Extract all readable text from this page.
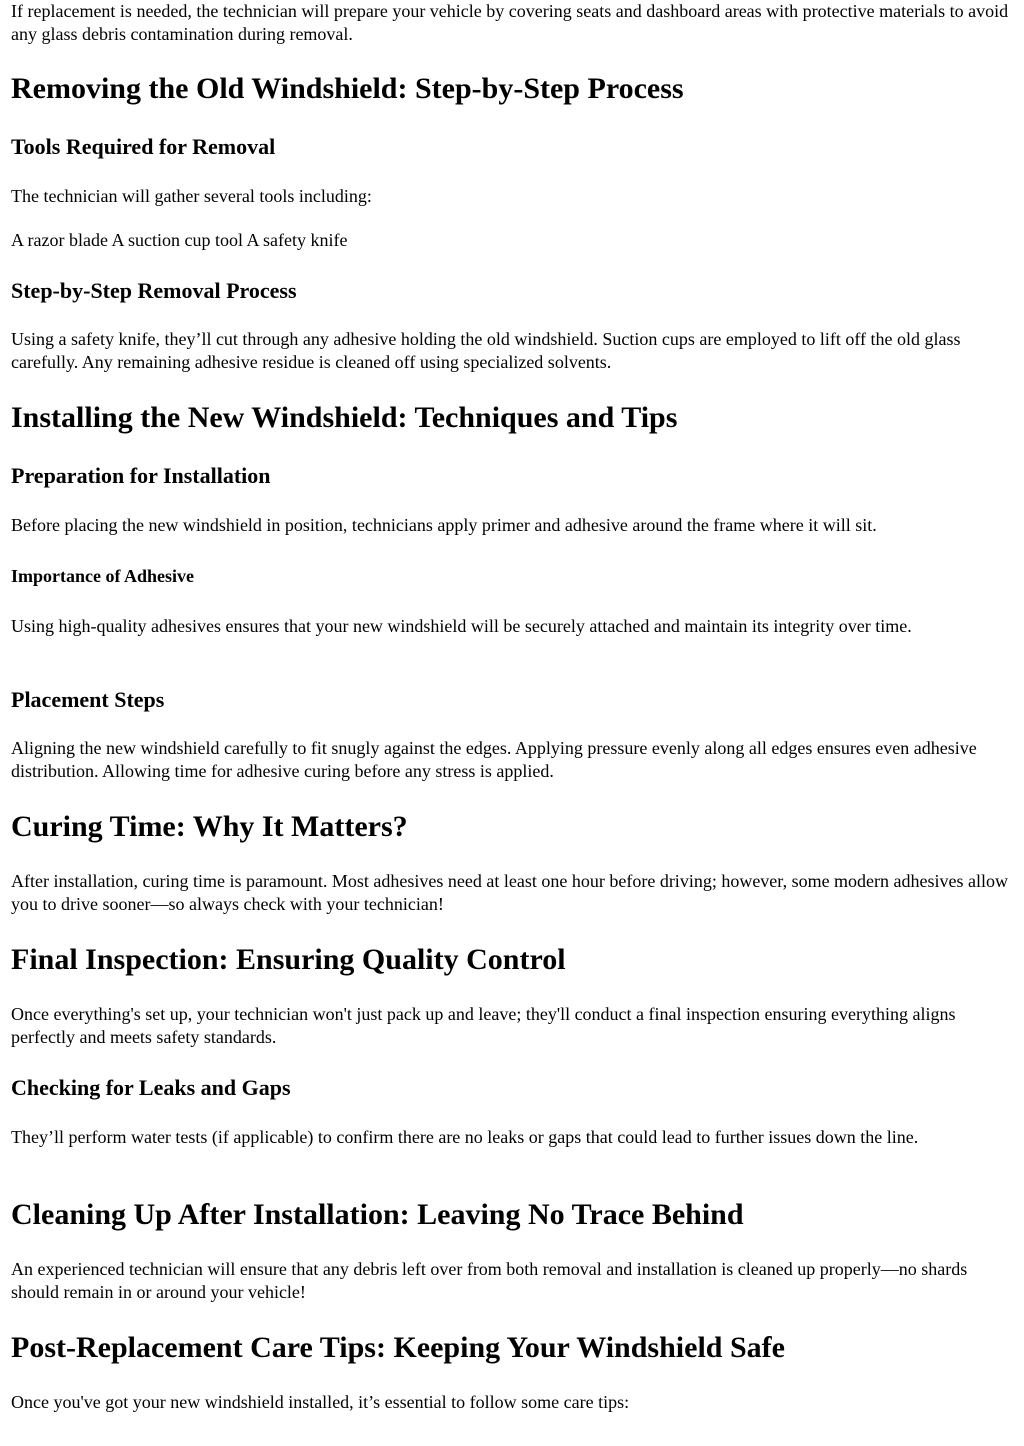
If replacement is needed, the technician will prepare your vehicle by covering seats and dashboard areas with protective materials to avoid any glass debris contamination during removal.

Removing the Old Windshield: Step-by-Step Process
Tools Required for Removal

The technician will gather several tools including:

A razor blade A suction cup tool A safety knife

Step-by-Step Removal Process

Using a safety knife, they’ll cut through any adhesive holding the old windshield. Suction cups are employed to lift off the old glass carefully. Any remaining adhesive residue is cleaned off using specialized solvents.

Installing the New Windshield: Techniques and Tips
Preparation for Installation

Before placing the new windshield in position, technicians apply primer and adhesive around the frame where it will sit.

Importance of Adhesive

Using high-quality adhesives ensures that your new windshield will be securely attached and maintain its integrity over time.

Placement Steps

Aligning the new windshield carefully to fit snugly against the edges. Applying pressure evenly along all edges ensures even adhesive distribution. Allowing time for adhesive curing before any stress is applied.

Curing Time: Why It Matters?

After installation, curing time is paramount. Most adhesives need at least one hour before driving; however, some modern adhesives allow you to drive sooner—so always check with your technician!

Final Inspection: Ensuring Quality Control

Once everything's set up, your technician won't just pack up and leave; they'll conduct a final inspection ensuring everything aligns perfectly and meets safety standards.

Checking for Leaks and Gaps

They’ll perform water tests (if applicable) to confirm there are no leaks or gaps that could lead to further issues down the line.

Cleaning Up After Installation: Leaving No Trace Behind

An experienced technician will ensure that any debris left over from both removal and installation is cleaned up properly—no shards should remain in or around your vehicle!

Post-Replacement Care Tips: Keeping Your Windshield Safe

Once you've got your new windshield installed, it’s essential to follow some care tips:
